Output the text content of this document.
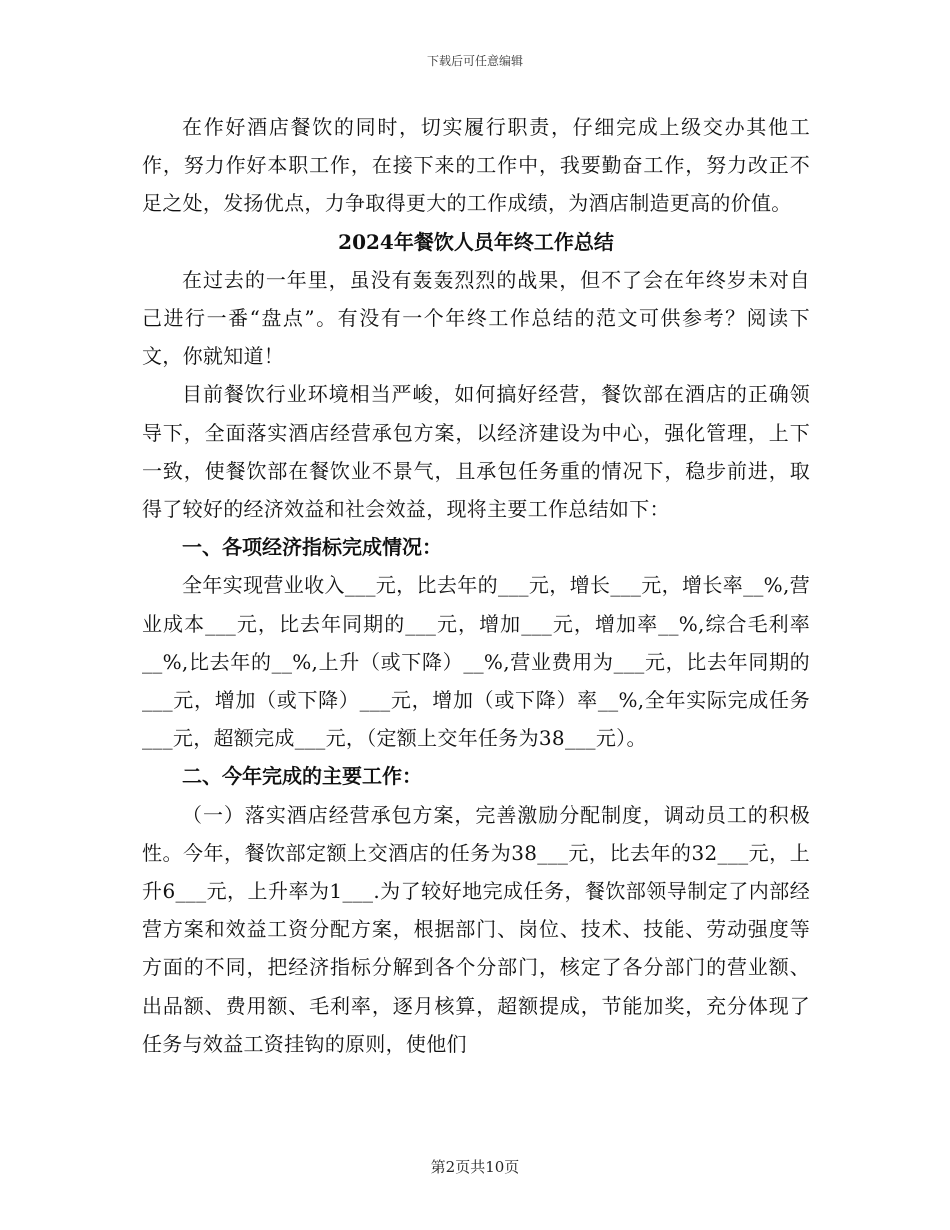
下载后可任意编辑

在作好酒店餐饮的同时，切实履行职责，仔细完成上级交办其他工作，努力作好本职工作，在接下来的工作中，我要勤奋工作，努力改正不足之处，发扬优点，力争取得更大的工作成绩，为酒店制造更高的价值。

2024年餐饮人员年终工作总结

在过去的一年里，虽没有轰轰烈烈的战果，但不了会在年终岁未对自己进行一番“盘点”。有没有一个年终工作总结的范文可供参考？阅读下文，你就知道！

目前餐饮行业环境相当严峻，如何搞好经营，餐饮部在酒店的正确领导下，全面落实酒店经营承包方案，以经济建设为中心，强化管理，上下一致，使餐饮部在餐饮业不景气，且承包任务重的情况下，稳步前进，取得了较好的经济效益和社会效益，现将主要工作总结如下：

一、各项经济指标完成情况：

全年实现营业收入___元，比去年的___元，增长___元，增长率__%,营业成本___元，比去年同期的___元，增加___元，增加率__%,综合毛利率__%,比去年的__%,上升（或下降）__%,营业费用为___元，比去年同期的___元，增加（或下降）___元，增加（或下降）率__%,全年实际完成任务___元，超额完成___元，（定额上交年任务为38___元）。

二、今年完成的主要工作：

（一）落实酒店经营承包方案，完善激励分配制度，调动员工的积极性。今年，餐饮部定额上交酒店的任务为38___元，比去年的32___元，上升6___元，上升率为1___.为了较好地完成任务，餐饮部领导制定了内部经营方案和效益工资分配方案，根据部门、岗位、技术、技能、劳动强度等方面的不同，把经济指标分解到各个分部门，核定了各分部门的营业额、出品额、费用额、毛利率，逐月核算，超额提成，节能加奖，充分体现了任务与效益工资挂钩的原则，使他们

第2页共10页
